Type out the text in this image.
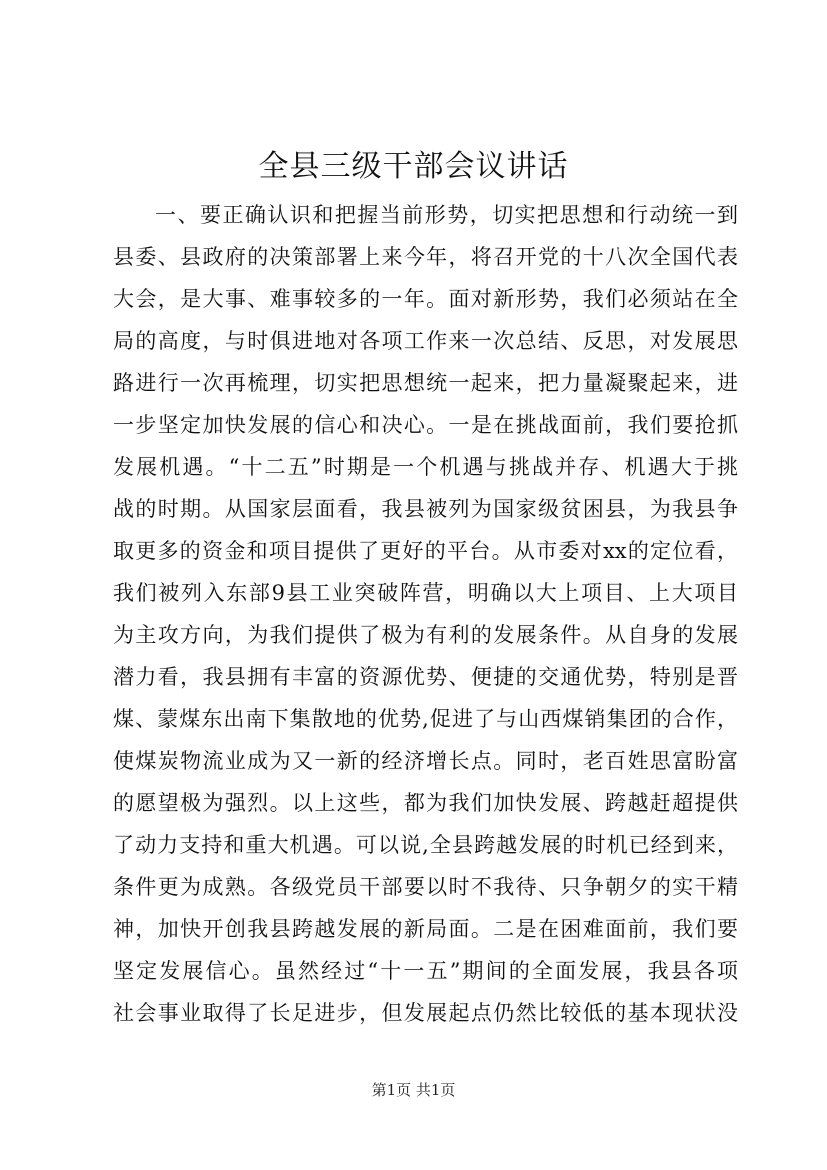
全县三级干部会议讲话
一、要正确认识和把握当前形势，切实把思想和行动统一到
县委、县政府的决策部署上来今年，将召开党的十八次全国代表
大会，是大事、难事较多的一年。面对新形势，我们必须站在全
局的高度，与时俱进地对各项工作来一次总结、反思，对发展思
路进行一次再梳理，切实把思想统一起来，把力量凝聚起来，进
一步坚定加快发展的信心和决心。一是在挑战面前，我们要抢抓
发展机遇。“十二五”时期是一个机遇与挑战并存、机遇大于挑
战的时期。从国家层面看，我县被列为国家级贫困县，为我县争
取更多的资金和项目提供了更好的平台。从市委对xx的定位看，
我们被列入东部9县工业突破阵营，明确以大上项目、上大项目
为主攻方向，为我们提供了极为有利的发展条件。从自身的发展
潜力看，我县拥有丰富的资源优势、便捷的交通优势，特别是晋
煤、蒙煤东出南下集散地的优势,促进了与山西煤销集团的合作，
使煤炭物流业成为又一新的经济增长点。同时，老百姓思富盼富
的愿望极为强烈。以上这些，都为我们加快发展、跨越赶超提供
了动力支持和重大机遇。可以说,全县跨越发展的时机已经到来，
条件更为成熟。各级党员干部要以时不我待、只争朝夕的实干精
神，加快开创我县跨越发展的新局面。二是在困难面前，我们要
坚定发展信心。虽然经过“十一五”期间的全面发展，我县各项
社会事业取得了长足进步，但发展起点仍然比较低的基本现状没
第1页 共1页
